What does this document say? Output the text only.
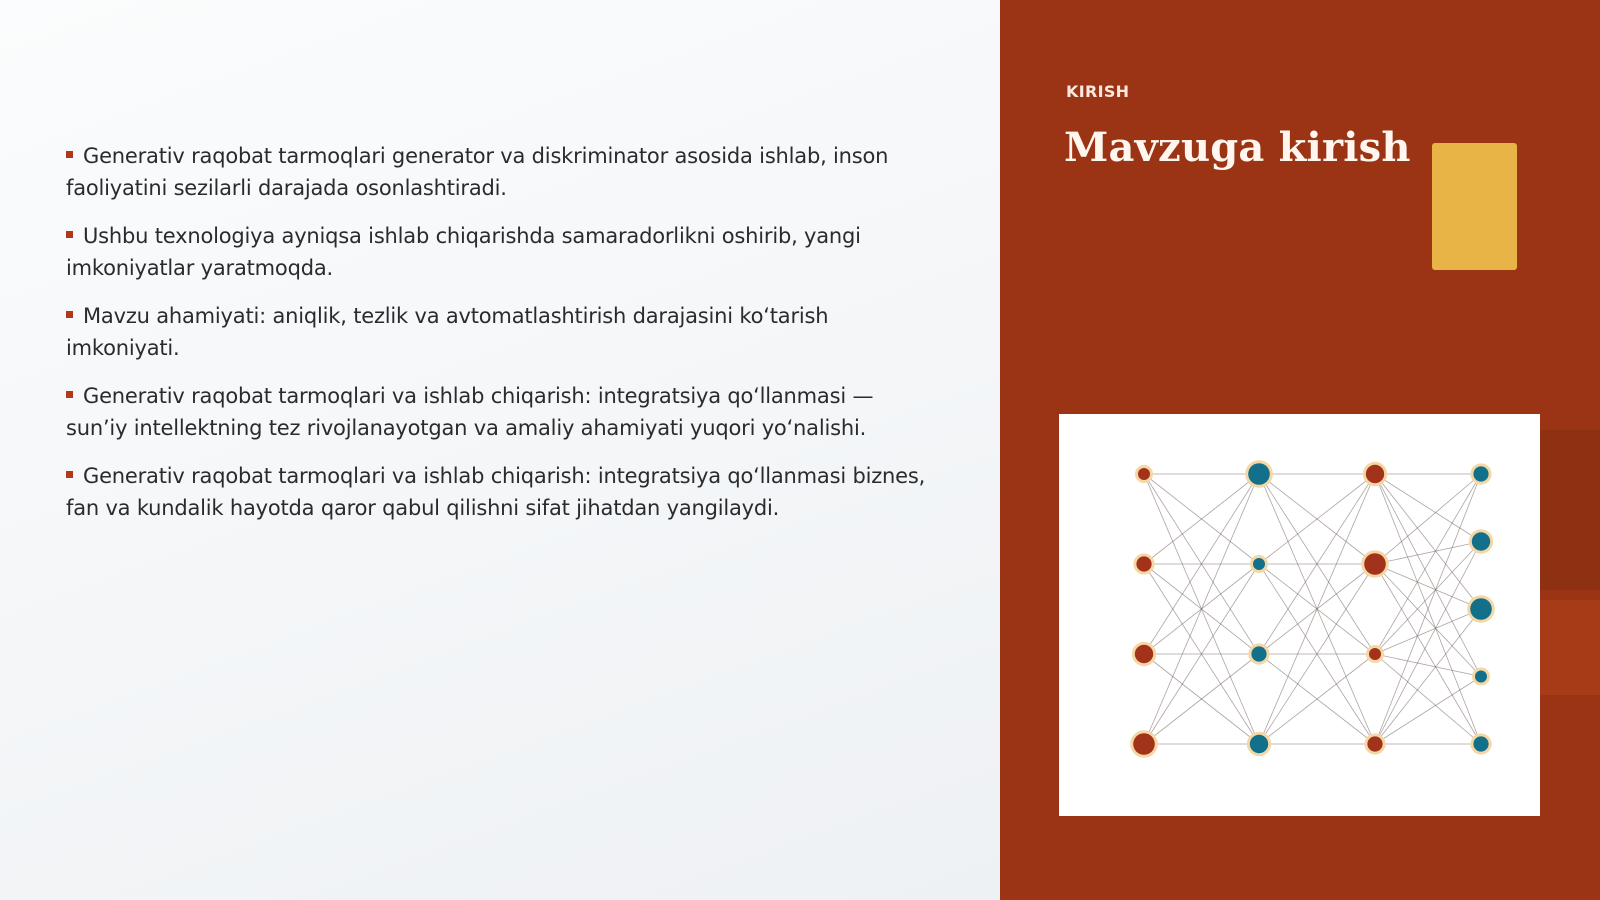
Generativ raqobat tarmoqlari generator va diskriminator asosida ishlab, inson faoliyatini sezilarli darajada osonlashtiradi.
Ushbu texnologiya ayniqsa ishlab chiqarishda samaradorlikni oshirib, yangi imkoniyatlar yaratmoqda.
Mavzu ahamiyati: aniqlik, tezlik va avtomatlashtirish darajasini koʻtarish imkoniyati.
Generativ raqobat tarmoqlari va ishlab chiqarish: integratsiya qoʻllanmasi — sunʼiy intellektning tez rivojlanayotgan va amaliy ahamiyati yuqori yoʻnalishi.
Generativ raqobat tarmoqlari va ishlab chiqarish: integratsiya qoʻllanmasi biznes, fan va kundalik hayotda qaror qabul qilishni sifat jihatdan yangilaydi.
KIRISH
Mavzuga kirish
